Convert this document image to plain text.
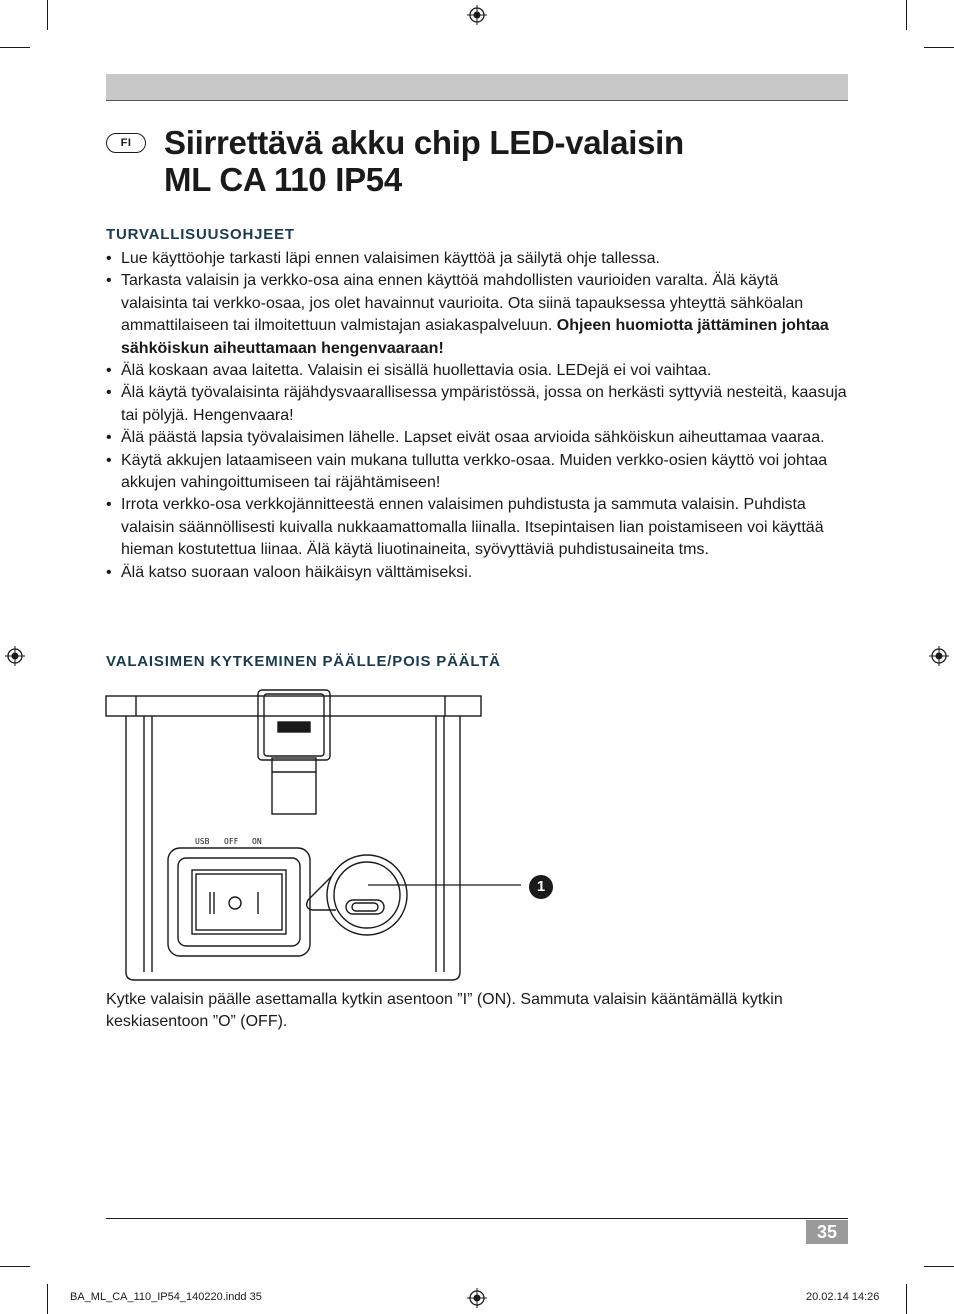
FI Siirrettävä akku chip LED-valaisin
ML CA 110 IP54
TURVALLISUUSOHJEET
• Lue käyttöohje tarkasti läpi ennen valaisimen käyttöä ja säilytä ohje tallessa.
• Tarkasta valaisin ja verkko-osa aina ennen käyttöä mahdollisten vaurioiden varalta. Älä käytä valaisinta tai verkko-osaa, jos olet havainnut vaurioita. Ota siinä tapauksessa yhteyttä sähköalan ammattilaiseen tai ilmoitettuun valmistajan asiakaspalveluun. Ohjeen huomiotta jättäminen johtaa sähköiskun aiheuttamaan hengenvaaraan!
• Älä koskaan avaa laitetta. Valaisin ei sisällä huollettavia osia. LEDejä ei voi vaihtaa.
• Älä käytä työvalaisinta räjähdysvaarallisessa ympäristössä, jossa on herkästi syttyviä nesteitä, kaasuja tai pölyjä. Hengenvaara!
• Älä päästä lapsia työvalaisimen lähelle. Lapset eivät osaa arvioida sähköiskun aiheuttamaa vaaraa.
• Käytä akkujen lataamiseen vain mukana tullutta verkko-osaa. Muiden verkko-osien käyttö voi johtaa akkujen vahingoittumiseen tai räjähtämiseen!
• Irrota verkko-osa verkkojännitteestä ennen valaisimen puhdistusta ja sammuta valaisin. Puhdista valaisin säännöllisesti kuivalla nukkaamattomalla liinalla. Itsepintaisen lian poistamiseen voi käyttää hieman kostutettua liinaa. Älä käytä liuotinaineita, syövyttäviä puhdistusaineita tms.
• Älä katso suoraan valoon häikäisyn välttämiseksi.
VALAISIMEN KYTKEMINEN PÄÄLLE/POIS PÄÄLTÄ
USB OFF ON
1
Kytke valaisin päälle asettamalla kytkin asentoon ”I” (ON). Sammuta valaisin kääntämällä kytkin keskiasentoon ”O” (OFF).
35
BA_ML_CA_110_IP54_140220.indd 35	20.02.14 14:26
